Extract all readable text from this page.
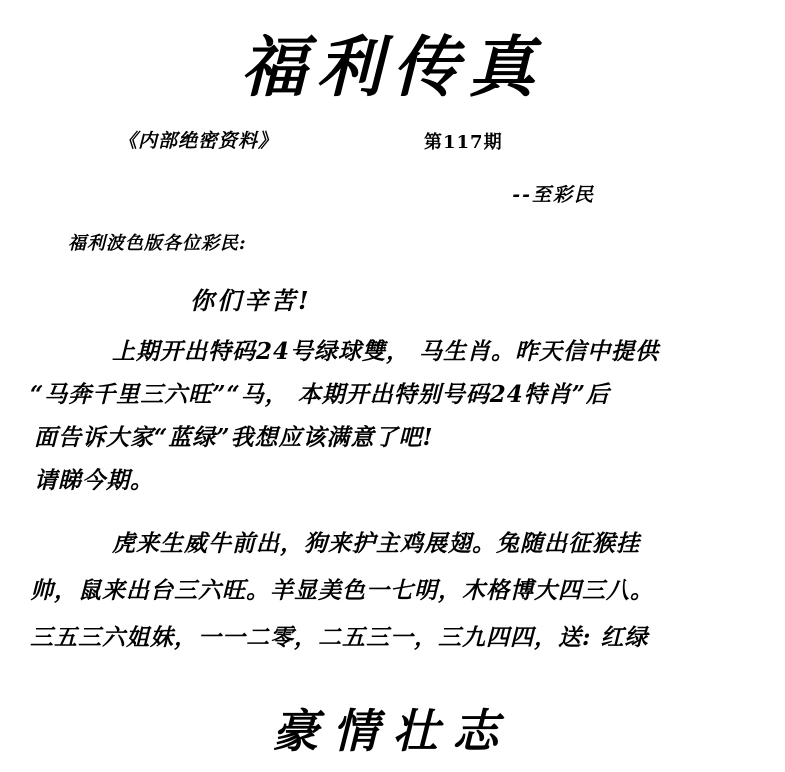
福利传真
《内部绝密资料》	第117期
--至彩民
福利波色版各位彩民:
你们辛苦!
上期开出特码24号绿球雙， 马生肖。昨天信中提供
“马奔千里三六旺”“马， 本期开出特别号码24特肖”后
面告诉大家“蓝绿”我想应该满意了吧!
请睇今期。
虎来生威牛前出，狗来护主鸡展翅。兔随出征猴挂
帅，鼠来出台三六旺。羊显美色一七明，木格博大四三八。
三五三六姐妹，一一二零，二五三一，三九四四，送: 红绿
豪情壮志
